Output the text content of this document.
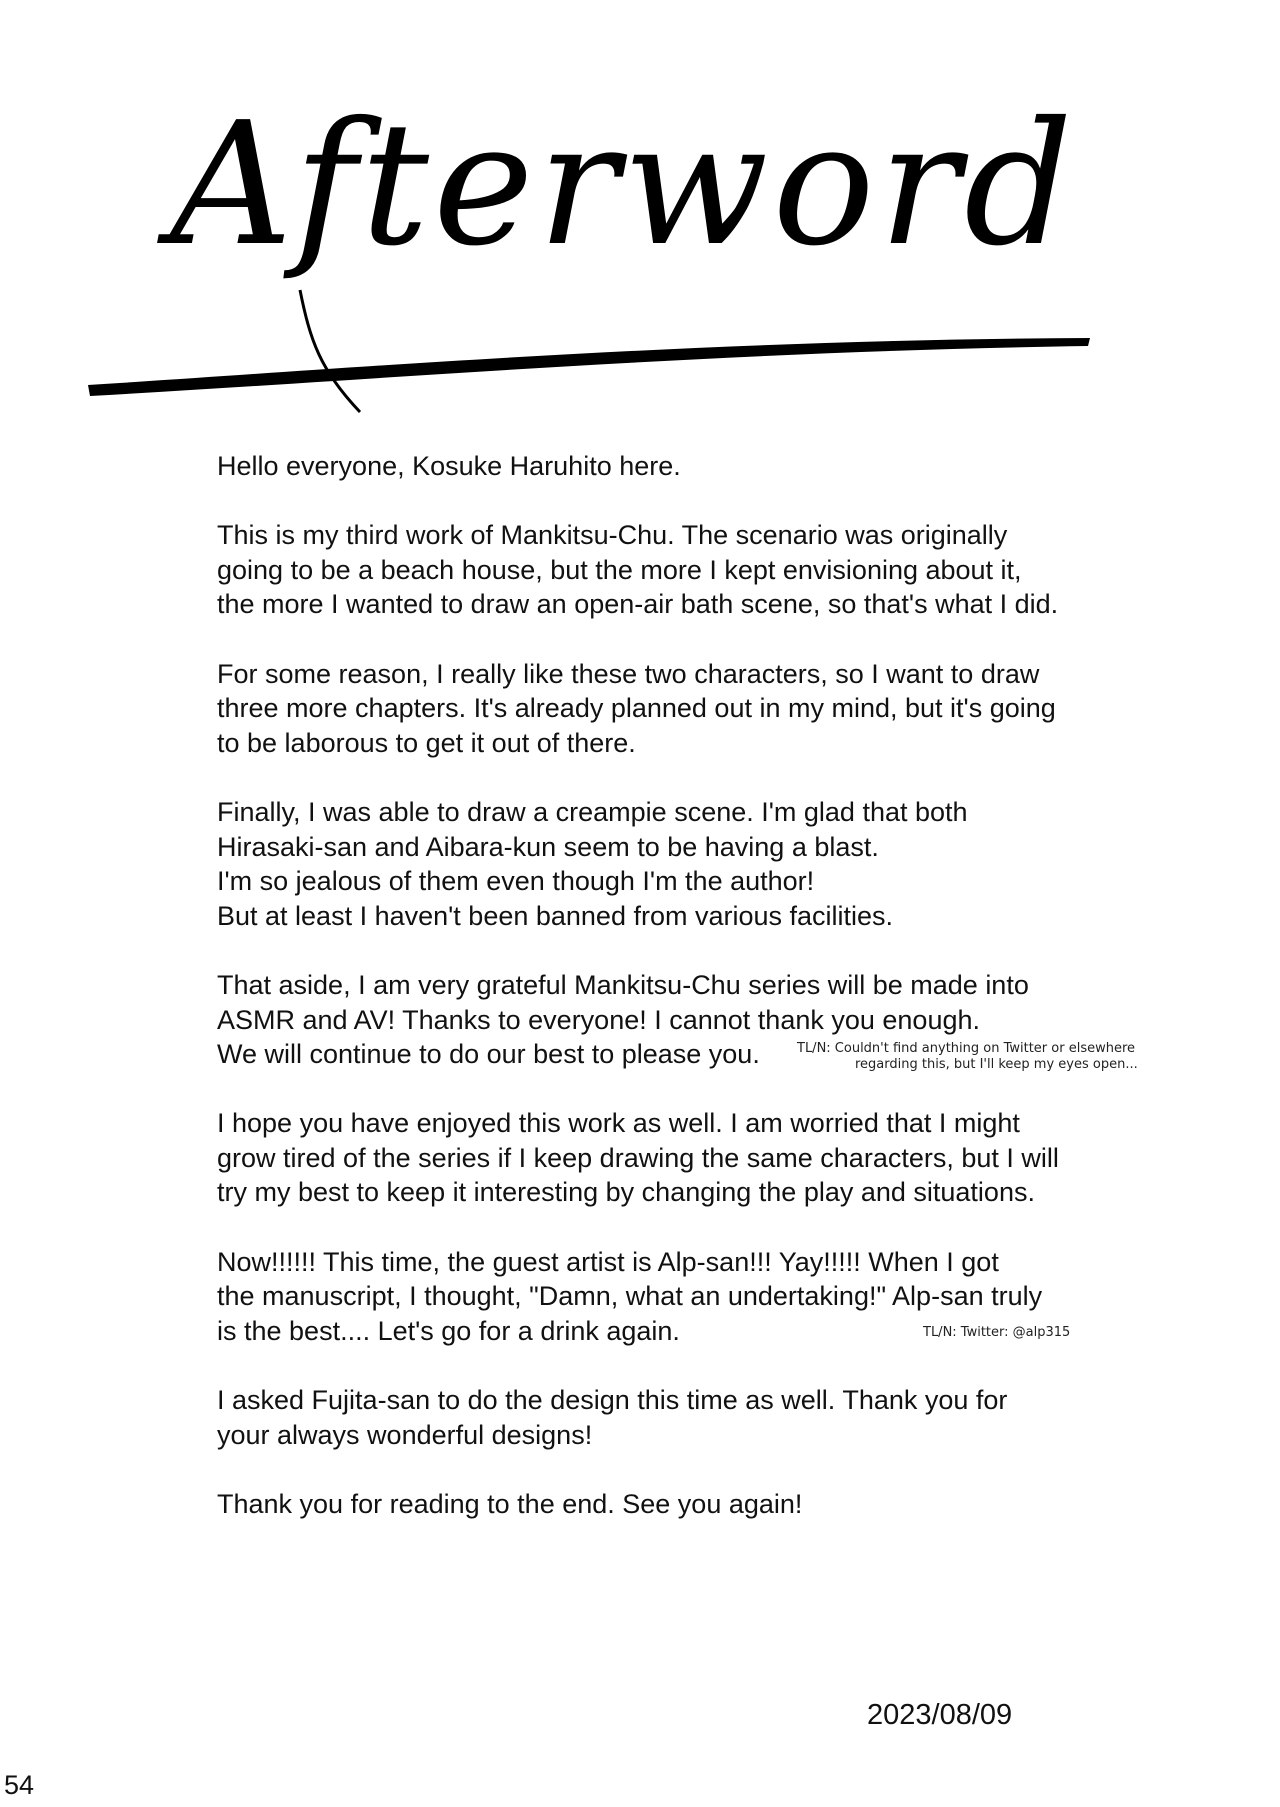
Afterword
Hello everyone, Kosuke Haruhito here.
This is my third work of Mankitsu-Chu. The scenario was originally
going to be a beach house, but the more I kept envisioning about it,
the more I wanted to draw an open-air bath scene, so that's what I did.
For some reason, I really like these two characters, so I want to draw
three more chapters. It's already planned out in my mind, but it's going
to be laborous to get it out of there.
Finally, I was able to draw a creampie scene. I'm glad that both
Hirasaki-san and Aibara-kun seem to be having a blast.
I'm so jealous of them even though I'm the author!
But at least I haven't been banned from various facilities.
That aside, I am very grateful Mankitsu-Chu series will be made into
ASMR and AV! Thanks to everyone! I cannot thank you enough.
We will continue to do our best to please you.
I hope you have enjoyed this work as well. I am worried that I might
grow tired of the series if I keep drawing the same characters, but I will
try my best to keep it interesting by changing the play and situations.
Now!!!!!! This time, the guest artist is Alp-san!!! Yay!!!!! When I got
the manuscript, I thought, "Damn, what an undertaking!" Alp-san truly
is the best.... Let's go for a drink again.
I asked Fujita-san to do the design this time as well. Thank you for
your always wonderful designs!
Thank you for reading to the end. See you again!
TL/N: Couldn't find anything on Twitter or elsewhere
regarding this, but I'll keep my eyes open...
TL/N: Twitter: @alp315
2023/08/09
54
